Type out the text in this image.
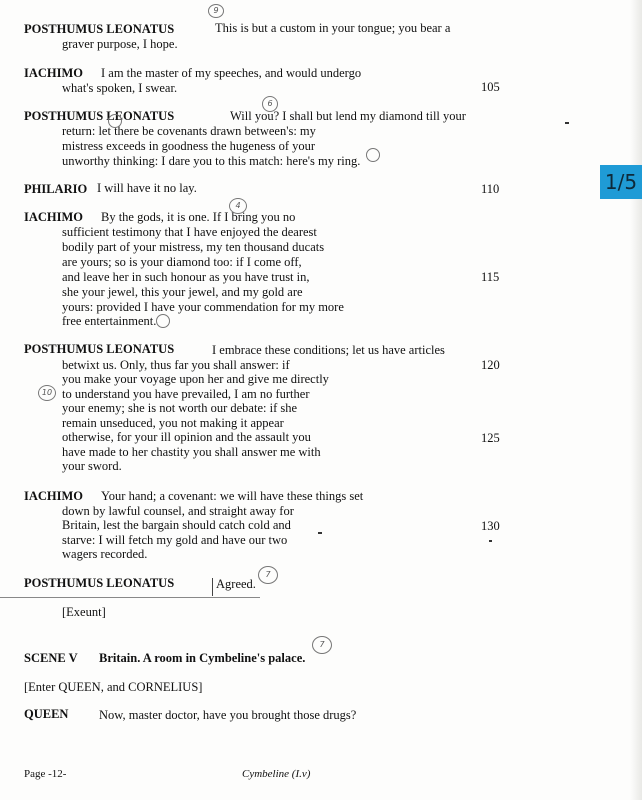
POSTHUMUS LEONATUS	This is but a custom in your tongue; you bear a
graver purpose, I hope.
IACHIMO I am the master of my speeches, and would undergo
what's spoken, I swear.	105
POSTHUMUS LEONATUS	Will you? I shall but lend my diamond till your
return: let there be covenants drawn between's: my
mistress exceeds in goodness the hugeness of your
unworthy thinking: I dare you to this match: here's my ring.
PHILARIO I will have it no lay.	110
IACHIMO By the gods, it is one. If I bring you no
sufficient testimony that I have enjoyed the dearest
bodily part of your mistress, my ten thousand ducats
are yours; so is your diamond too: if I come off,
and leave her in such honour as you have trust in,
she your jewel, this your jewel, and my gold are
yours: provided I have your commendation for my more
free entertainment.
115
POSTHUMUS LEONATUS	I embrace these conditions; let us have articles
betwixt us. Only, thus far you shall answer: if
you make your voyage upon her and give me directly
to understand you have prevailed, I am no further
your enemy; she is not worth our debate: if she
remain unseduced, you not making it appear
otherwise, for your ill opinion and the assault you
have made to her chastity you shall answer me with
your sword.
120
125
IACHIMO Your hand; a covenant: we will have these things set
down by lawful counsel, and straight away for
Britain, lest the bargain should catch cold and
starve: I will fetch my gold and have our two
wagers recorded.
130
POSTHUMUS LEONATUS	Agreed.
[Exeunt]
SCENE V Britain. A room in Cymbeline's palace.
[Enter QUEEN, and CORNELIUS]
QUEEN Now, master doctor, have you brought those drugs?
Page -12-	Cymbeline (I.v)
1/5
9
6
4
10
7
7
